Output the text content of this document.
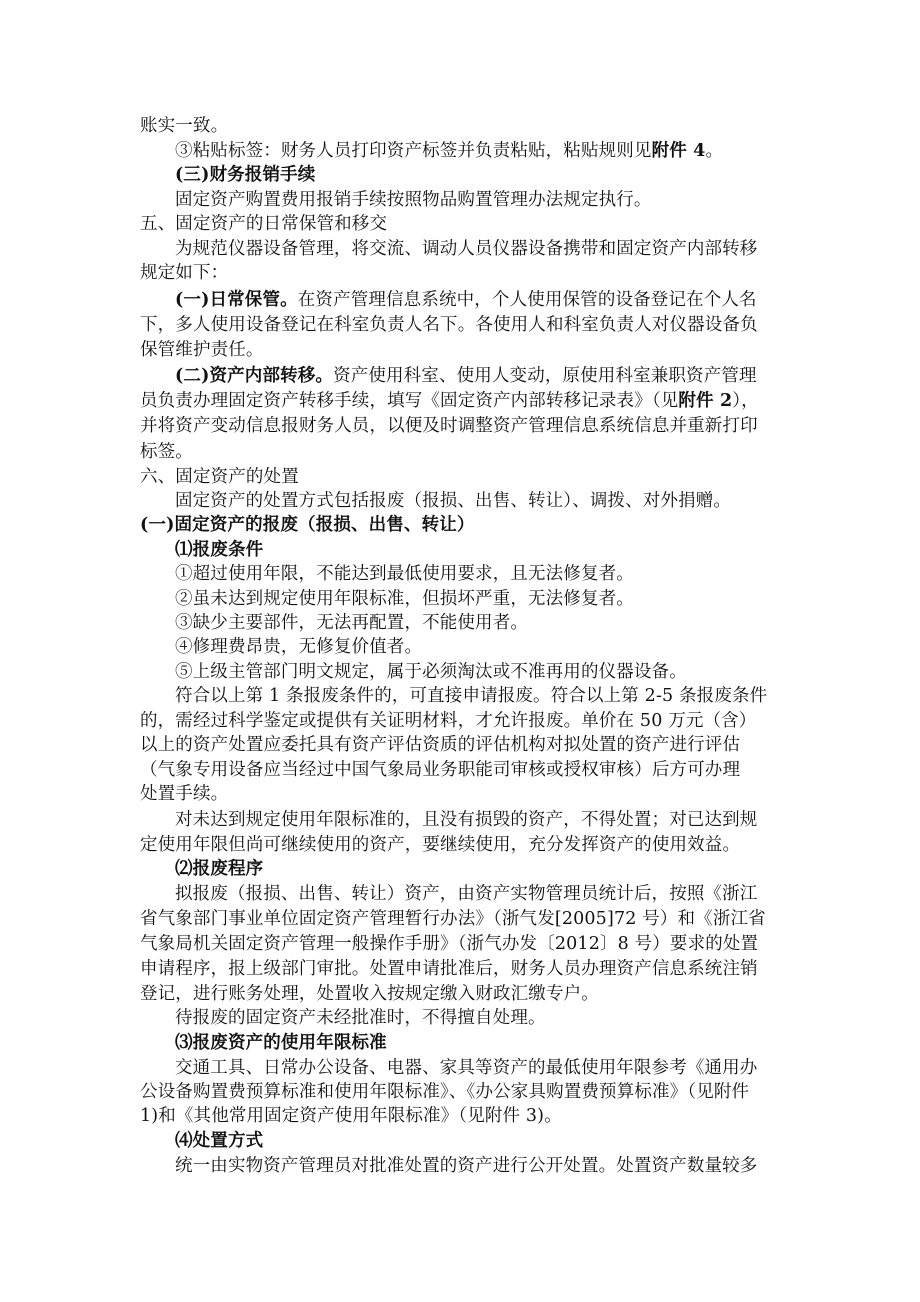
账实一致。
③粘贴标签：财务人员打印资产标签并负责粘贴，粘贴规则见附件 4。
(三)财务报销手续
固定资产购置费用报销手续按照物品购置管理办法规定执行。
五、固定资产的日常保管和移交
为规范仪器设备管理，将交流、调动人员仪器设备携带和固定资产内部转移
规定如下：
(一)日常保管。在资产管理信息系统中，个人使用保管的设备登记在个人名
下，多人使用设备登记在科室负责人名下。各使用人和科室负责人对仪器设备负
保管维护责任。
(二)资产内部转移。资产使用科室、使用人变动，原使用科室兼职资产管理
员负责办理固定资产转移手续，填写《固定资产内部转移记录表》（见附件 2），
并将资产变动信息报财务人员，以便及时调整资产管理信息系统信息并重新打印
标签。
六、固定资产的处置
固定资产的处置方式包括报废（报损、出售、转让）、调拨、对外捐赠。
(一)固定资产的报废（报损、出售、转让）
⑴报废条件
①超过使用年限，不能达到最低使用要求，且无法修复者。
②虽未达到规定使用年限标准，但损坏严重，无法修复者。
③缺少主要部件，无法再配置，不能使用者。
④修理费昂贵，无修复价值者。
⑤上级主管部门明文规定，属于必须淘汰或不准再用的仪器设备。
符合以上第 1 条报废条件的，可直接申请报废。符合以上第 2-5 条报废条件
的，需经过科学鉴定或提供有关证明材料，才允许报废。单价在 50 万元（含）
以上的资产处置应委托具有资产评估资质的评估机构对拟处置的资产进行评估
（气象专用设备应当经过中国气象局业务职能司审核或授权审核）后方可办理
处置手续。
对未达到规定使用年限标准的，且没有损毁的资产，不得处置；对已达到规
定使用年限但尚可继续使用的资产，要继续使用，充分发挥资产的使用效益。
⑵报废程序
拟报废（报损、出售、转让）资产，由资产实物管理员统计后，按照《浙江
省气象部门事业单位固定资产管理暂行办法》（浙气发[2005]72 号）和《浙江省
气象局机关固定资产管理一般操作手册》（浙气办发〔2012〕8 号）要求的处置
申请程序，报上级部门审批。处置申请批准后，财务人员办理资产信息系统注销
登记，进行账务处理，处置收入按规定缴入财政汇缴专户。
待报废的固定资产未经批准时，不得擅自处理。
⑶报废资产的使用年限标准
交通工具、日常办公设备、电器、家具等资产的最低使用年限参考《通用办
公设备购置费预算标准和使用年限标准》、《办公家具购置费预算标准》（见附件
1)和《其他常用固定资产使用年限标准》（见附件 3)。
⑷处置方式
统一由实物资产管理员对批准处置的资产进行公开处置。处置资产数量较多
